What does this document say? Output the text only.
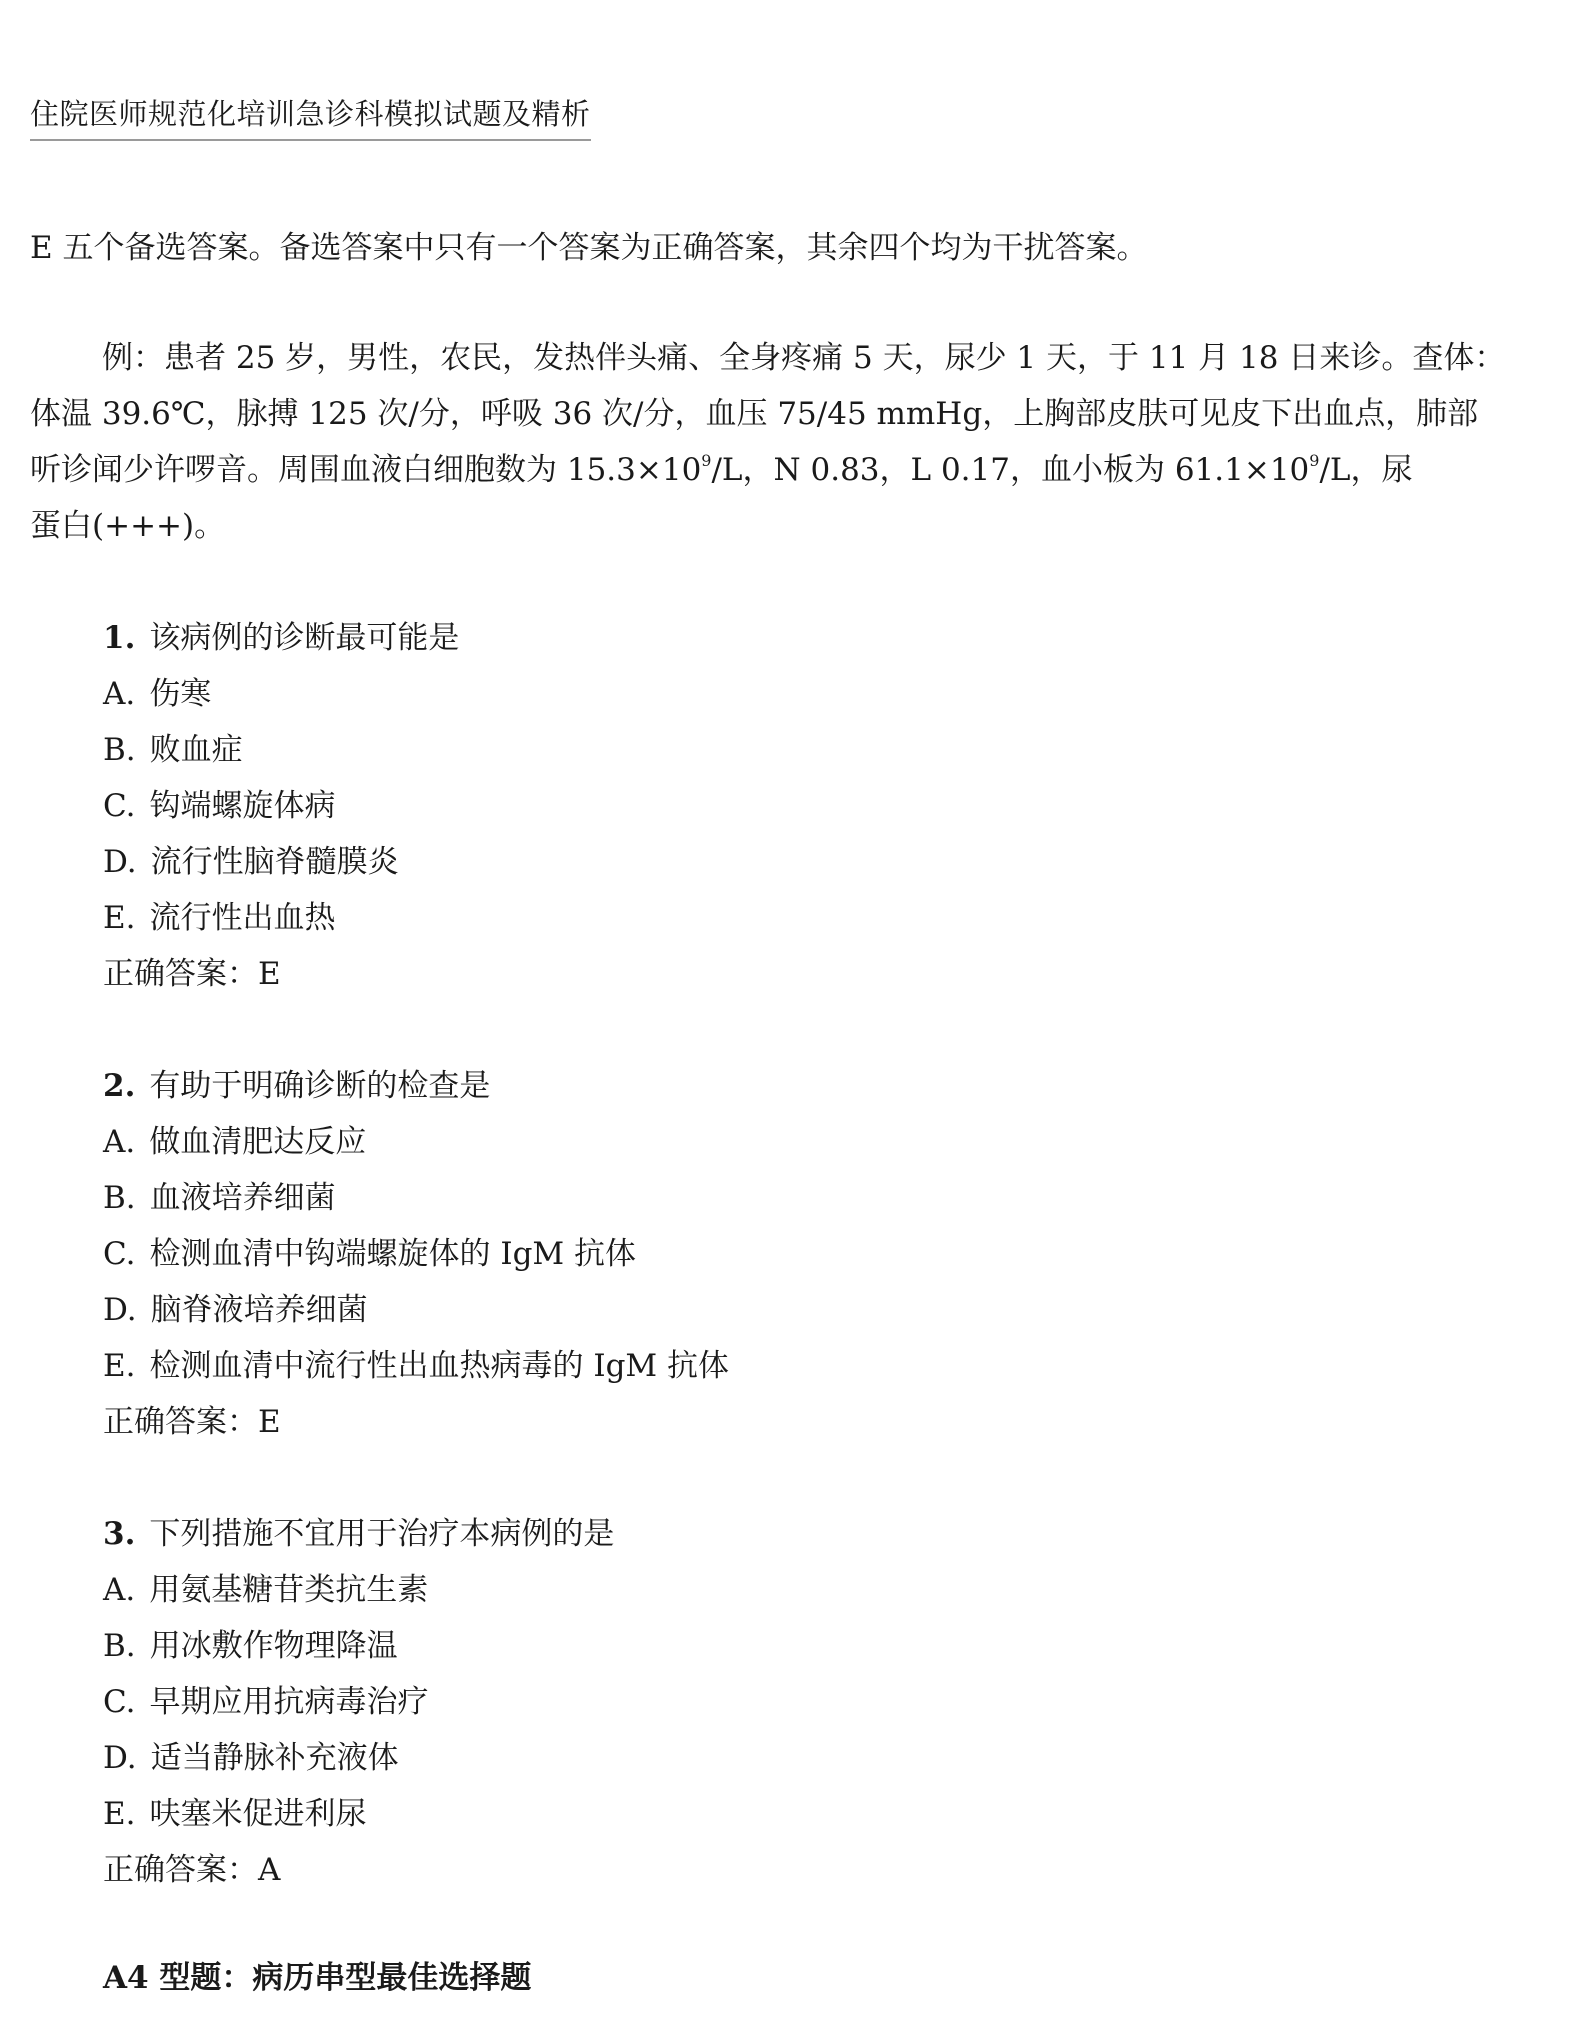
住院医师规范化培训急诊科模拟试题及精析

E 五个备选答案。备选答案中只有一个答案为正确答案，其余四个均为干扰答案。

例：患者 25 岁，男性，农民，发热伴头痛、全身疼痛 5 天，尿少 1 天，于 11 月 18 日来诊。查体：
体温 39.6℃，脉搏 125 次/分，呼吸 36 次/分，血压 75/45 mmHg，上胸部皮肤可见皮下出血点，肺部
听诊闻少许啰音。周围血液白细胞数为 $15.3\times 10^9/L$，N 0.83，L 0.17，血小板为 $61.1\times 10^9/L$，尿
蛋白(+++)。
1. 该病例的诊断最可能是
A. 伤寒
B. 败血症
C. 钩端螺旋体病
D. 流行性脑脊髓膜炎
E. 流行性出血热
正确答案：E
2. 有助于明确诊断的检查是
A. 做血清肥达反应
B. 血液培养细菌
C. 检测血清中钩端螺旋体的 IgM 抗体
D. 脑脊液培养细菌
E. 检测血清中流行性出血热病毒的 IgM 抗体
正确答案：E
3. 下列措施不宜用于治疗本病例的是
A. 用氨基糖苷类抗生素
B. 用冰敷作物理降温
C. 早期应用抗病毒治疗
D. 适当静脉补充液体
E. 呋塞米促进利尿
正确答案：A
A4 型题：病历串型最佳选择题
